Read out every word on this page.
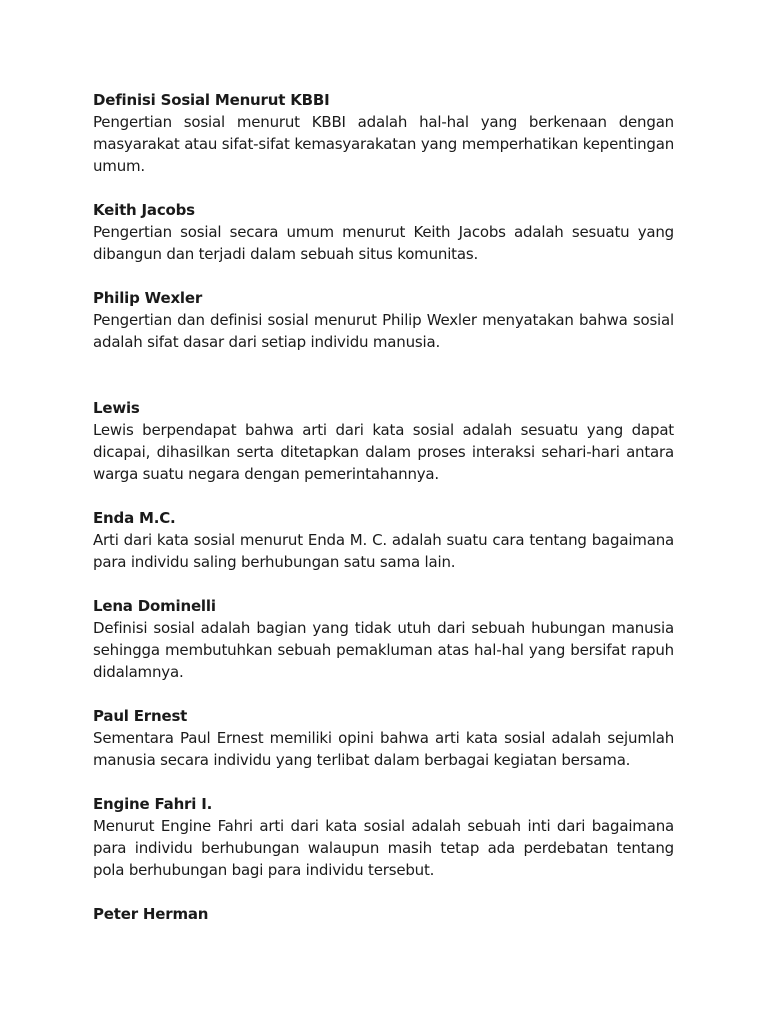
Definisi Sosial Menurut KBBI

Pengertian sosial menurut KBBI adalah hal-hal yang berkenaan dengan masyarakat atau sifat-sifat kemasyarakatan yang memperhatikan kepentingan umum.

Keith Jacobs

Pengertian sosial secara umum menurut Keith Jacobs adalah sesuatu yang dibangun dan terjadi dalam sebuah situs komunitas.

Philip Wexler

Pengertian dan definisi sosial menurut Philip Wexler menyatakan bahwa sosial adalah sifat dasar dari setiap individu manusia.

Lewis

Lewis berpendapat bahwa arti dari kata sosial adalah sesuatu yang dapat dicapai, dihasilkan serta ditetapkan dalam proses interaksi sehari-hari antara warga suatu negara dengan pemerintahannya.

Enda M.C.

Arti dari kata sosial menurut Enda M. C. adalah suatu cara tentang bagaimana para individu saling berhubungan satu sama lain.

Lena Dominelli

Definisi sosial adalah bagian yang tidak utuh dari sebuah hubungan manusia sehingga membutuhkan sebuah pemakluman atas hal-hal yang bersifat rapuh didalamnya.

Paul Ernest

Sementara Paul Ernest memiliki opini bahwa arti kata sosial adalah sejumlah manusia secara individu yang terlibat dalam berbagai kegiatan bersama.

Engine Fahri I.

Menurut Engine Fahri arti dari kata sosial adalah sebuah inti dari bagaimana para individu berhubungan walaupun masih tetap ada perdebatan tentang pola berhubungan bagi para individu tersebut.

Peter Herman
